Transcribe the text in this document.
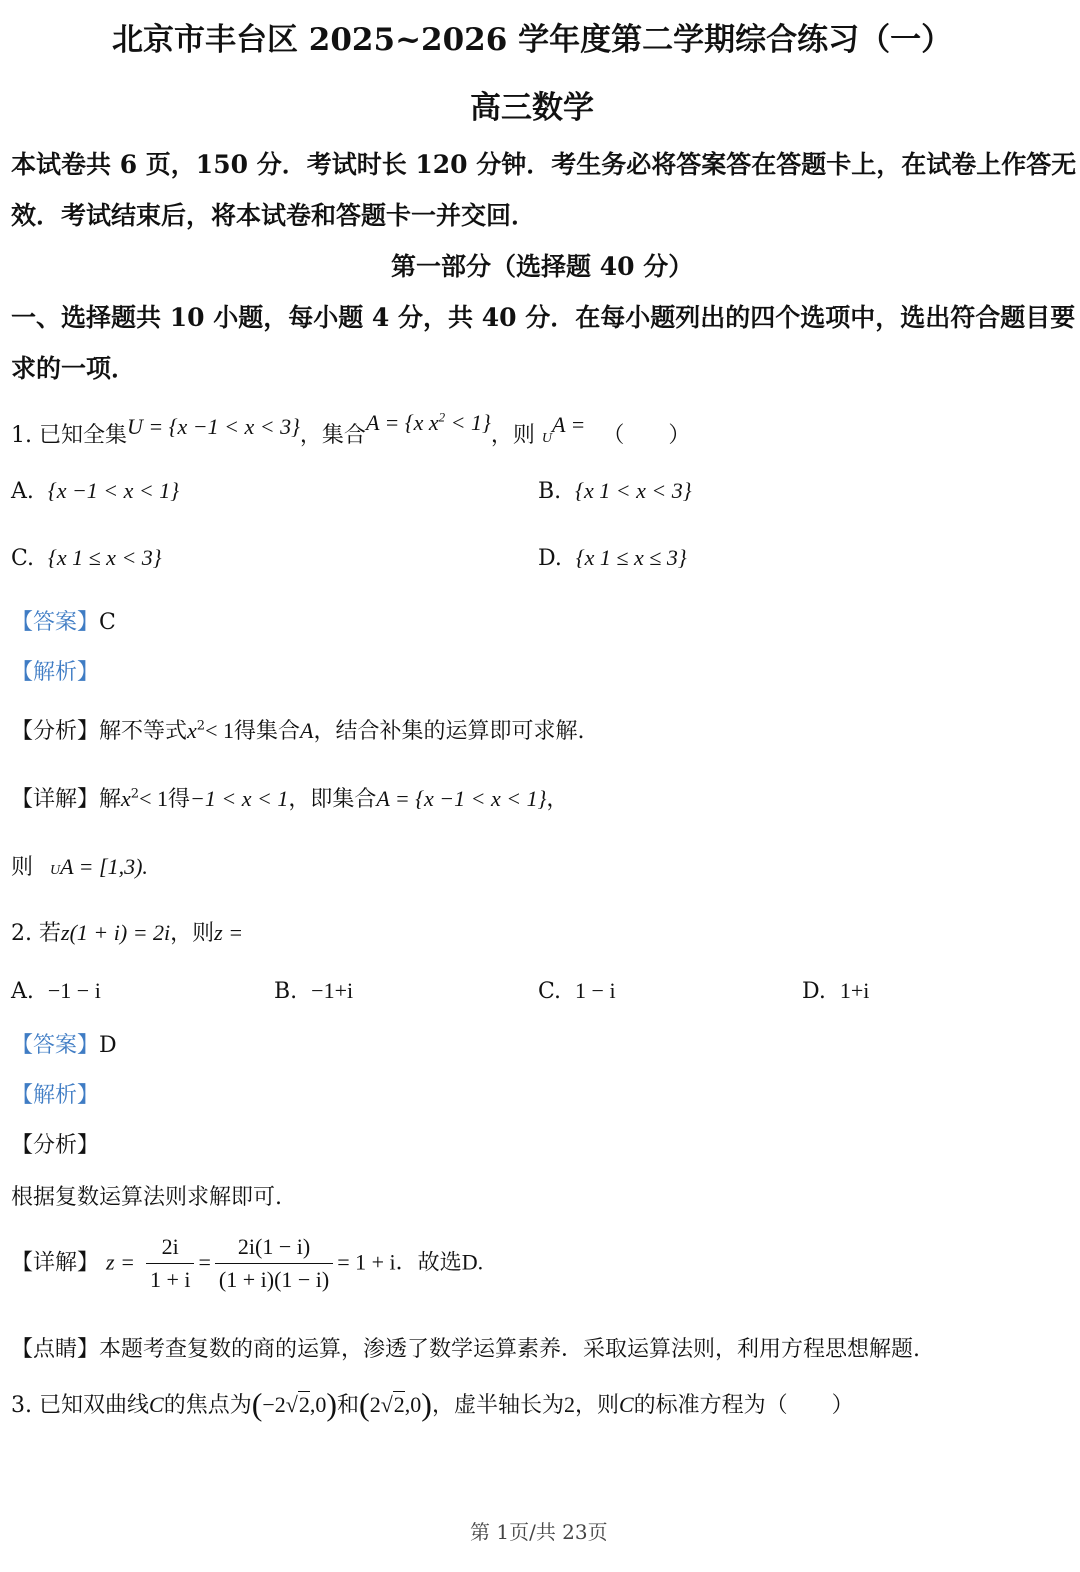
北京市丰台区 2025~2026 学年度第二学期综合练习（一）
高三数学
本试卷共 6 页，150 分．考试时长 120 分钟．考生务必将答案答在答题卡上，在试卷上作答无
效．考试结束后，将本试卷和答题卡一并交回．
第一部分（选择题 40 分）
一、选择题共 10 小题，每小题 4 分，共 40 分．在每小题列出的四个选项中，选出符合题目要
求的一项．
1. 已知全集U = {x −1 < x < 3}，集合A = {x $x^2 < 1$}，则 UA = （　　）
A. {x −1 < x < 1}	B. {x 1 < x < 3}
C. {x 1 ≤ x < 3}	D. {x 1 ≤ x ≤ 3}
【答案】C
【解析】
【分析】解不等式$x^2< 1$得集合A，结合补集的运算即可求解.
【详解】解$x^2< 1$得−1 < x < 1，即集合A = {x −1 < x < 1}，
则 UA = [1,3).
2. 若z(1 + i) = 2i，则z =
A. −1 − i	B. −1+i	C. 1 − i	D. 1+i
【答案】D
【解析】
【分析】
根据复数运算法则求解即可.
【详解】 $z = \frac{2i}{1 + i} = \frac{2i(1 - i)}{(1 + i)(1 - i)} = 1 + i$．故选D.
【点睛】本题考查复数的商的运算，渗透了数学运算素养．采取运算法则，利用方程思想解题.
3. 已知双曲线C的焦点为(−2√2,0)和(2√2,0)，虚半轴长为2，则C的标准方程为（　　）
第 1页/共 23页
